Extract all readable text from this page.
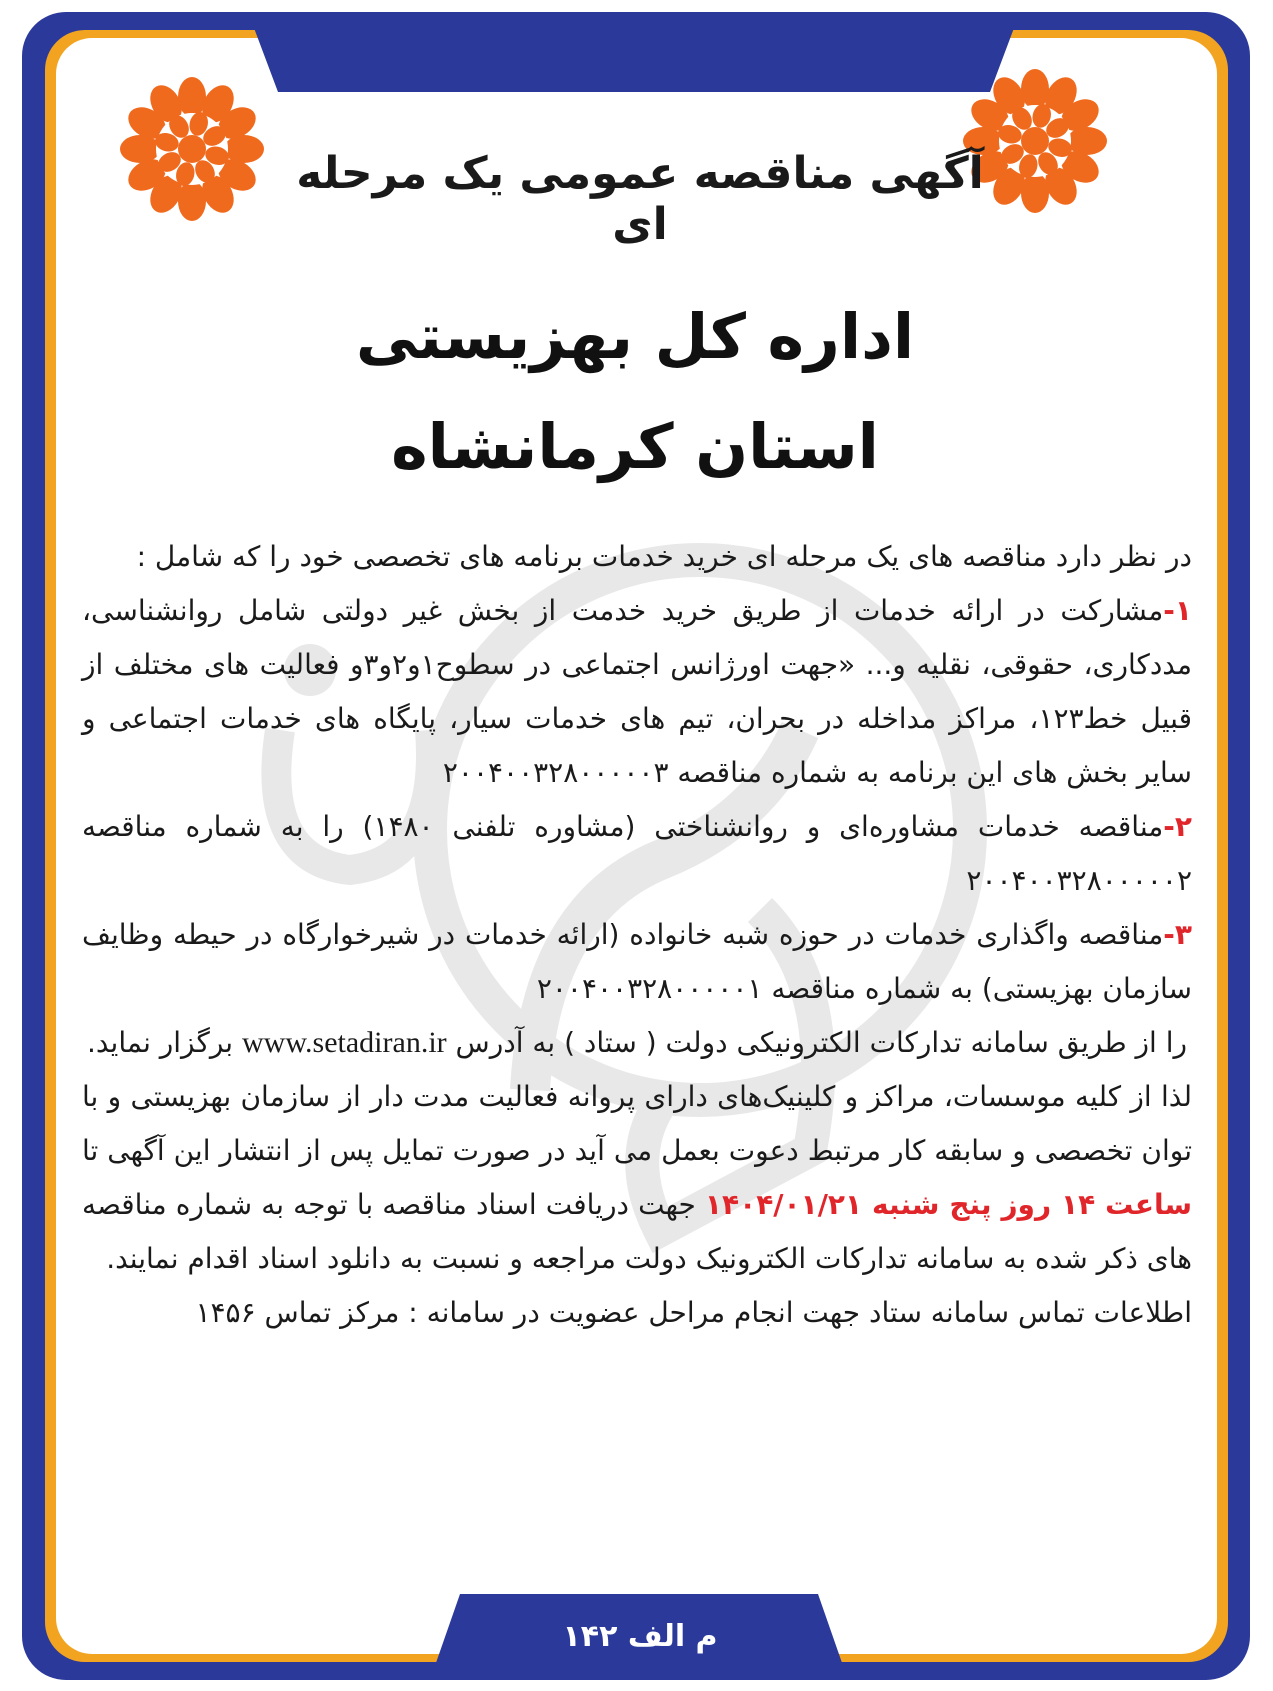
آگهی مناقصه عمومی یک مرحله ای
اداره کل بهزیستی
استان کرمانشاه

در نظر دارد مناقصه های یک مرحله ای خرید خدمات برنامه های تخصصی خود را که شامل :

۱-مشارکت در ارائه خدمات از طریق خرید خدمت از بخش غیر دولتی شامل روانشناسی، مددکاری، حقوقی، نقلیه و... «جهت اورژانس اجتماعی در سطوح۱و۲و۳و فعالیت های مختلف از قبیل خط۱۲۳، مراکز مداخله در بحران، تیم های خدمات سیار، پایگاه های خدمات اجتماعی و سایر بخش های این برنامه به شماره مناقصه ۲۰۰۴۰۰۳۲۸۰۰۰۰۰۳

۲-مناقصه خدمات مشاوره‌ای و روانشناختی (مشاوره تلفنی ۱۴۸۰) را به شماره مناقصه ۲۰۰۴۰۰۳۲۸۰۰۰۰۰۲

۳-مناقصه واگذاری خدمات در حوزه شبه خانواده (ارائه خدمات در شیرخوارگاه در حیطه وظایف سازمان بهزیستی) به شماره مناقصه ۲۰۰۴۰۰۳۲۸۰۰۰۰۰۱

را از طریق سامانه تدارکات الکترونیکی دولت ( ستاد ) به آدرس www.setadiran.ir برگزار نماید.

لذا از کلیه موسسات، مراکز و کلینیک‌های دارای پروانه فعالیت مدت دار از سازمان بهزیستی و با توان تخصصی و سابقه کار مرتبط دعوت بعمل می آید در صورت تمایل پس از انتشار این آگهی تا ساعت ۱۴ روز پنج شنبه ۱۴۰۴/۰۱/۲۱ جهت دریافت اسناد مناقصه با توجه به شماره مناقصه های ذکر شده به سامانه تدارکات الکترونیک دولت مراجعه و نسبت به دانلود اسناد اقدام نمایند.

اطلاعات تماس سامانه ستاد جهت انجام مراحل عضویت در سامانه : مرکز تماس ۱۴۵۶

م الف ۱۴۲
